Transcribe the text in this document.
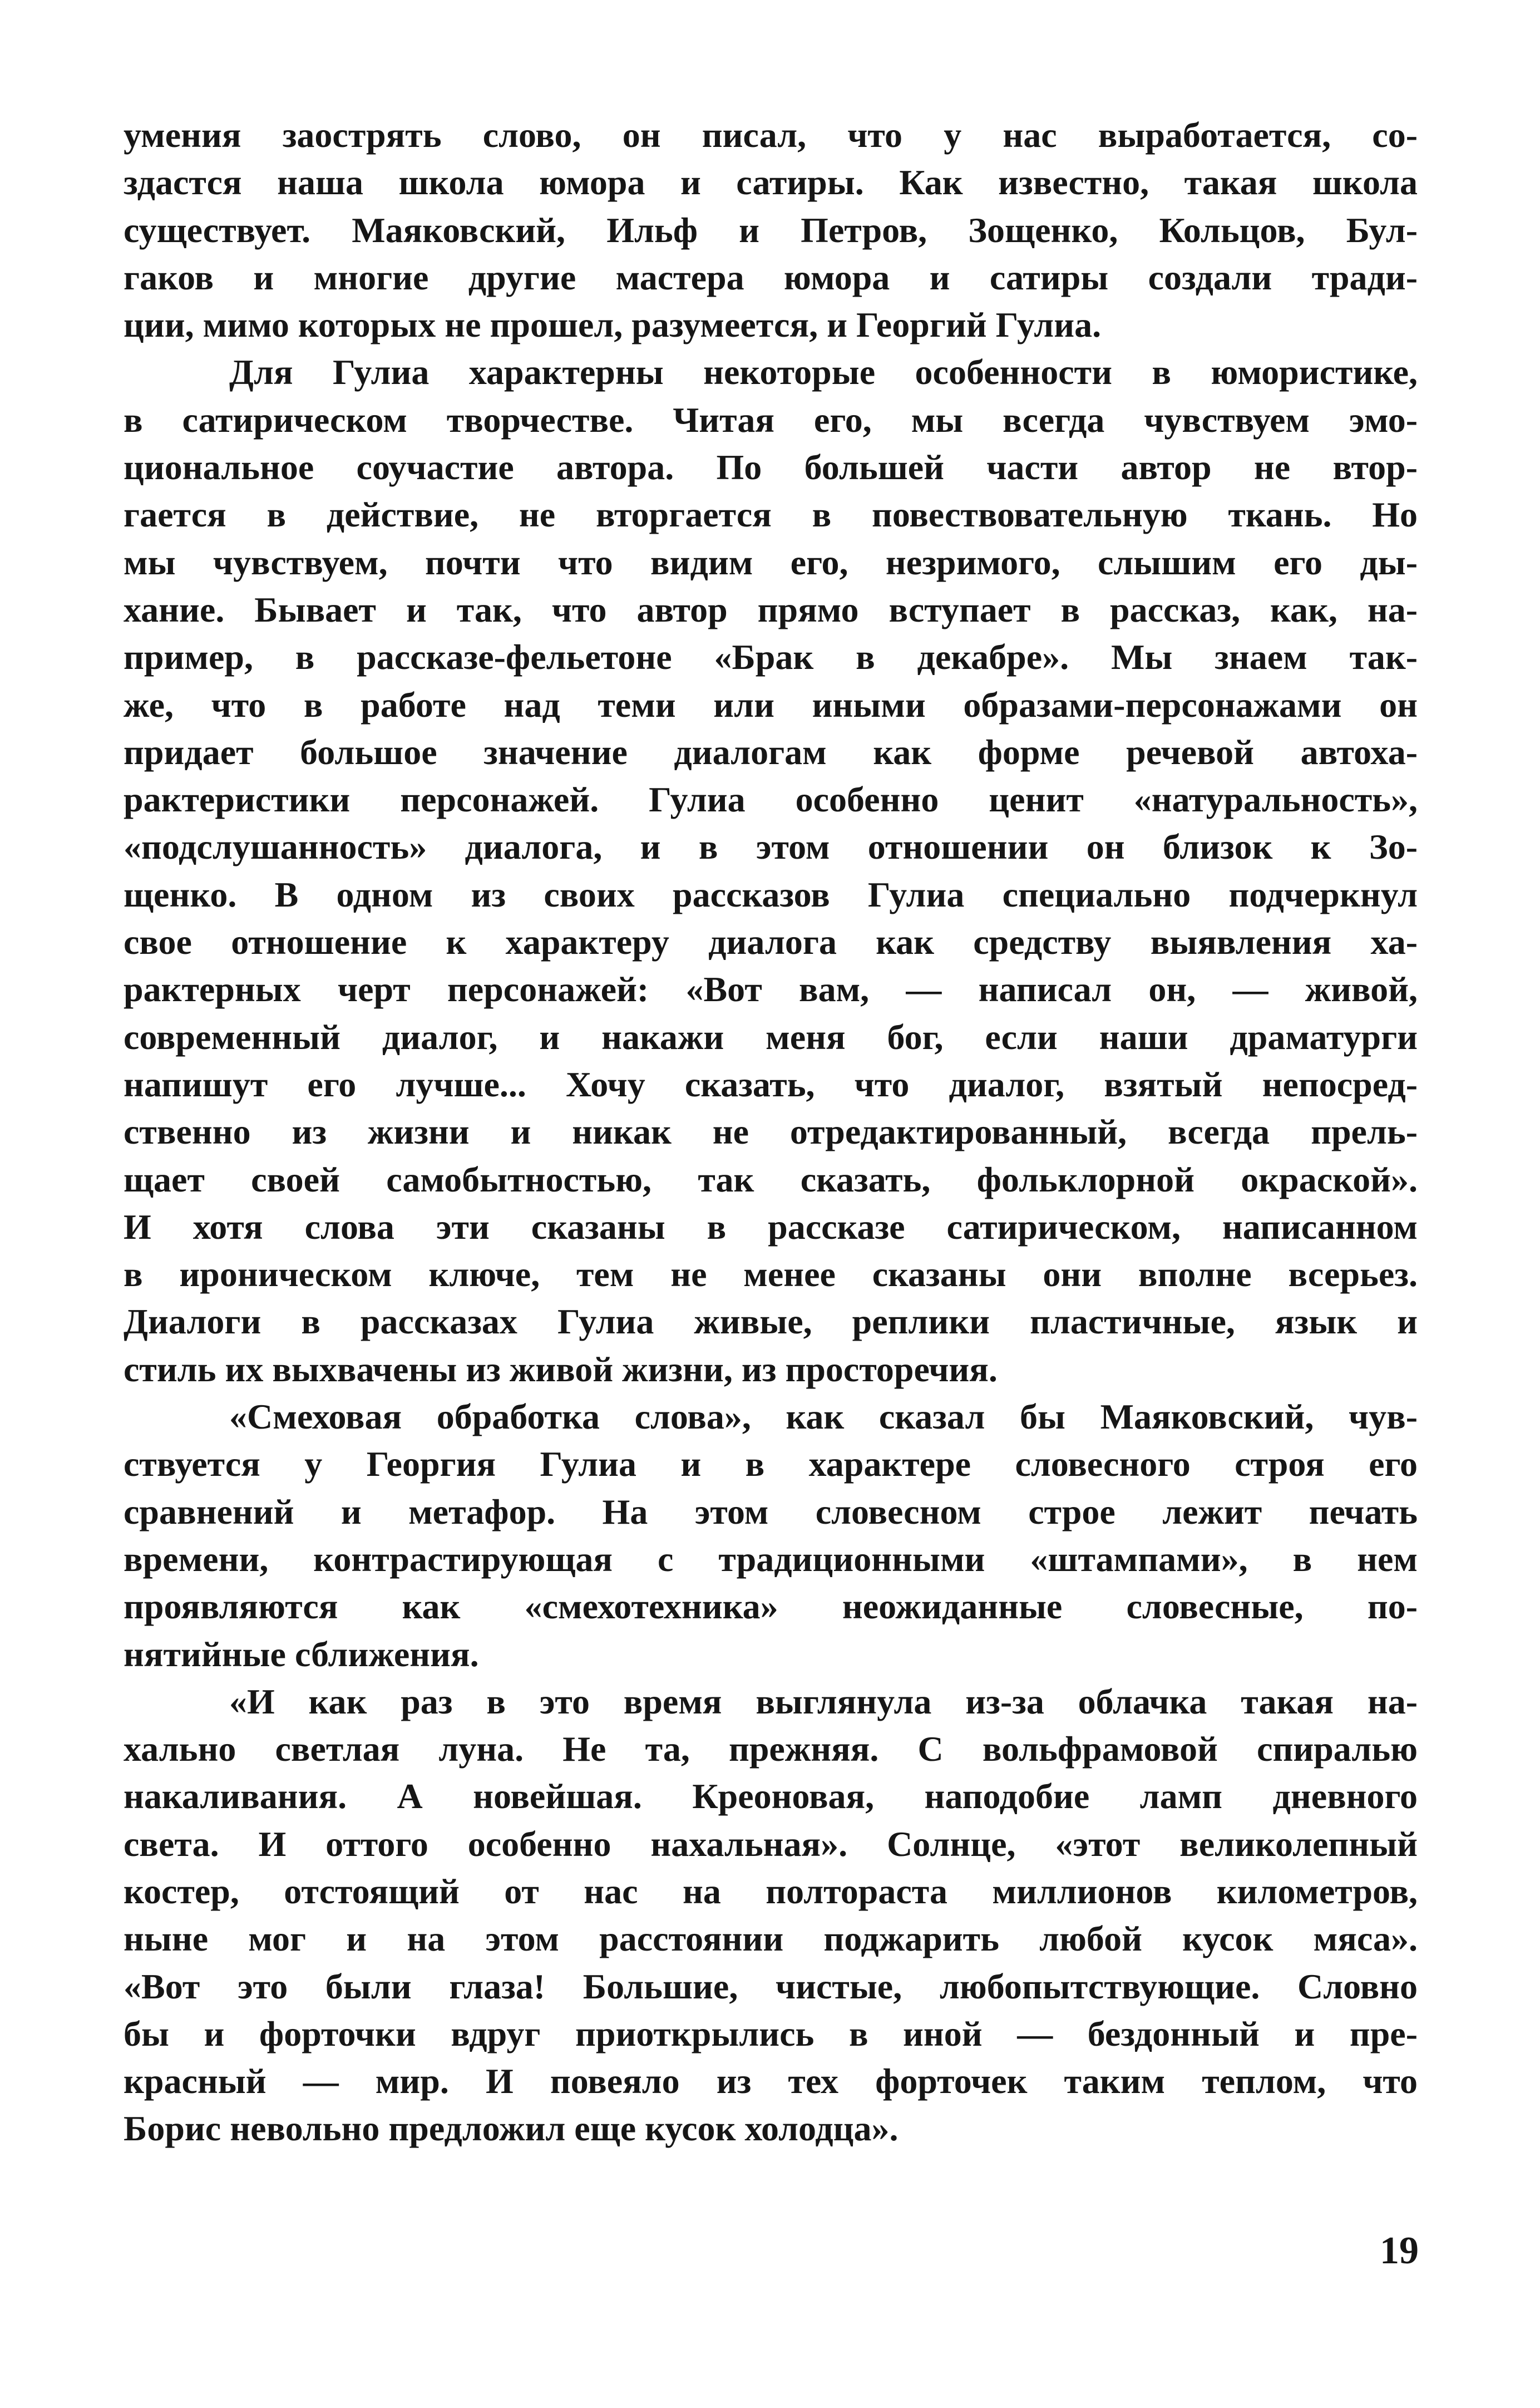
умения заострять слово, он писал, что у нас выработается, со-
здастся наша школа юмора и сатиры. Как известно, такая школа
существует. Маяковский, Ильф и Петров, Зощенко, Кольцов, Бул-
гаков и многие другие мастера юмора и сатиры создали тради-
ции, мимо которых не прошел, разумеется, и Георгий Гулиа.
Для Гулиа характерны некоторые особенности в юмористике,
в сатирическом творчестве. Читая его, мы всегда чувствуем эмо-
циональное соучастие автора. По большей части автор не втор-
гается в действие, не вторгается в повествовательную ткань. Но
мы чувствуем, почти что видим его, незримого, слышим его ды-
хание. Бывает и так, что автор прямо вступает в рассказ, как, на-
пример, в рассказе-фельетоне «Брак в декабре». Мы знаем так-
же, что в работе над теми или иными образами-персонажами он
придает большое значение диалогам как форме речевой автоха-
рактеристики персонажей. Гулиа особенно ценит «натуральность»,
«подслушанность» диалога, и в этом отношении он близок к Зо-
щенко. В одном из своих рассказов Гулиа специально подчеркнул
свое отношение к характеру диалога как средству выявления ха-
рактерных черт персонажей: «Вот вам, — написал он, — живой,
современный диалог, и накажи меня бог, если наши драматурги
напишут его лучше... Хочу сказать, что диалог, взятый непосред-
ственно из жизни и никак не отредактированный, всегда прель-
щает своей самобытностью, так сказать, фольклорной окраской».
И хотя слова эти сказаны в рассказе сатирическом, написанном
в ироническом ключе, тем не менее сказаны они вполне всерьез.
Диалоги в рассказах Гулиа живые, реплики пластичные, язык и
стиль их выхвачены из живой жизни, из просторечия.
«Смеховая обработка слова», как сказал бы Маяковский, чув-
ствуется у Георгия Гулиа и в характере словесного строя его
сравнений и метафор. На этом словесном строе лежит печать
времени, контрастирующая с традиционными «штампами», в нем
проявляются как «смехотехника» неожиданные словесные, по-
нятийные сближения.
«И как раз в это время выглянула из-за облачка такая на-
хально светлая луна. Не та, прежняя. С вольфрамовой спиралью
накаливания. А новейшая. Креоновая, наподобие ламп дневного
света. И оттого особенно нахальная». Солнце, «этот великолепный
костер, отстоящий от нас на полтораста миллионов километров,
ныне мог и на этом расстоянии поджарить любой кусок мяса».
«Вот это были глаза! Большие, чистые, любопытствующие. Словно
бы и форточки вдруг приоткрылись в иной — бездонный и пре-
красный — мир. И повеяло из тех форточек таким теплом, что
Борис невольно предложил еще кусок холодца».
19
